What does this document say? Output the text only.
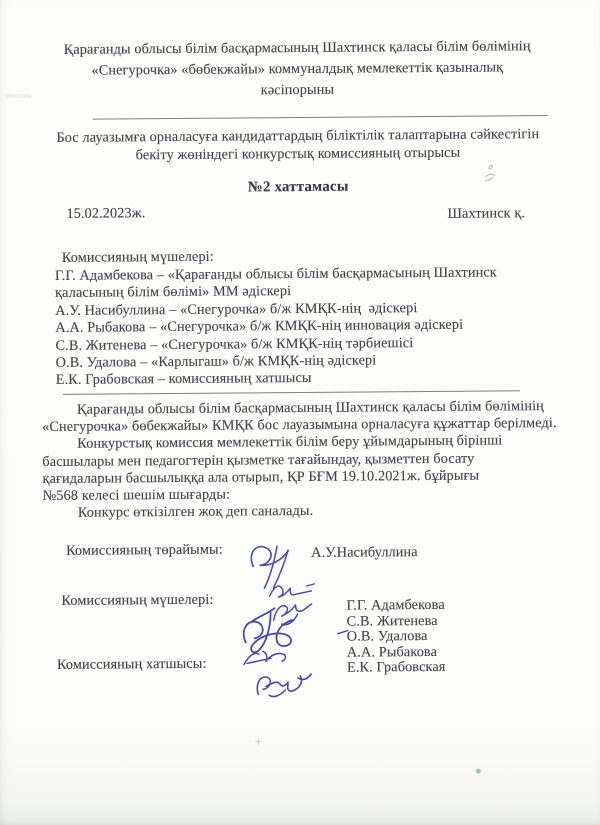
Қарағанды облысы білім басқармасының Шахтинск қаласы білім бөлімінің
«Снегурочка» «бөбекжайы» коммуналдық мемлекеттік қазыналық
кәсіпорыны
Бос лауазымға орналасуға кандидаттардың біліктілік талаптарына сәйкестігін
бекіту жөніндегі конкурстық комиссияның отырысы
№2 хаттамасы
15.02.2023ж.	Шахтинск қ.
Комиссияның мүшелері:
Г.Г. Адамбекова – «Қарағанды облысы білім басқармасының Шахтинск қаласының білім бөлімі» ММ әдіскері
А.У. Насибуллина – «Снегурочка» б/ж КМҚК-нің  әдіскері
А.А. Рыбакова – «Снегурочка» б/ж КМҚК-нің инновация әдіскері
С.В. Житенева – «Снегурочка» б/ж КМҚК-нің тәрбиешісі
О.В. Удалова – «Карлыгаш» б/ж КМҚК-нің әдіскері
Е.К. Грабовская – комиссияның хатшысы
Қарағанды облысы білім басқармасының Шахтинск қаласы білім бөлімінің
«Снегурочка» бөбекжайы» КМҚК бос лауазымына орналасуға құжаттар берілмеді.
Конкурстық комиссия мемлекеттік білім беру ұйымдарының бірінші
басшылары мен педагогтерін қызметке тағайындау, қызметтен босату
қағидаларын басшылыққа ала отырып, ҚР БҒМ 19.10.2021ж. бұйрығы
№568 келесі шешім шығарды:
Конкурс өткізілген жоқ деп саналады.
Комиссияның төрайымы:	А.У.Насибуллина
Комиссияның мүшелері:	Г.Г. Адамбекова
С.В. Житенева
О.В. Удалова
А.А. Рыбакова
Е.К. Грабовская
Комиссияның хатшысы:
+
